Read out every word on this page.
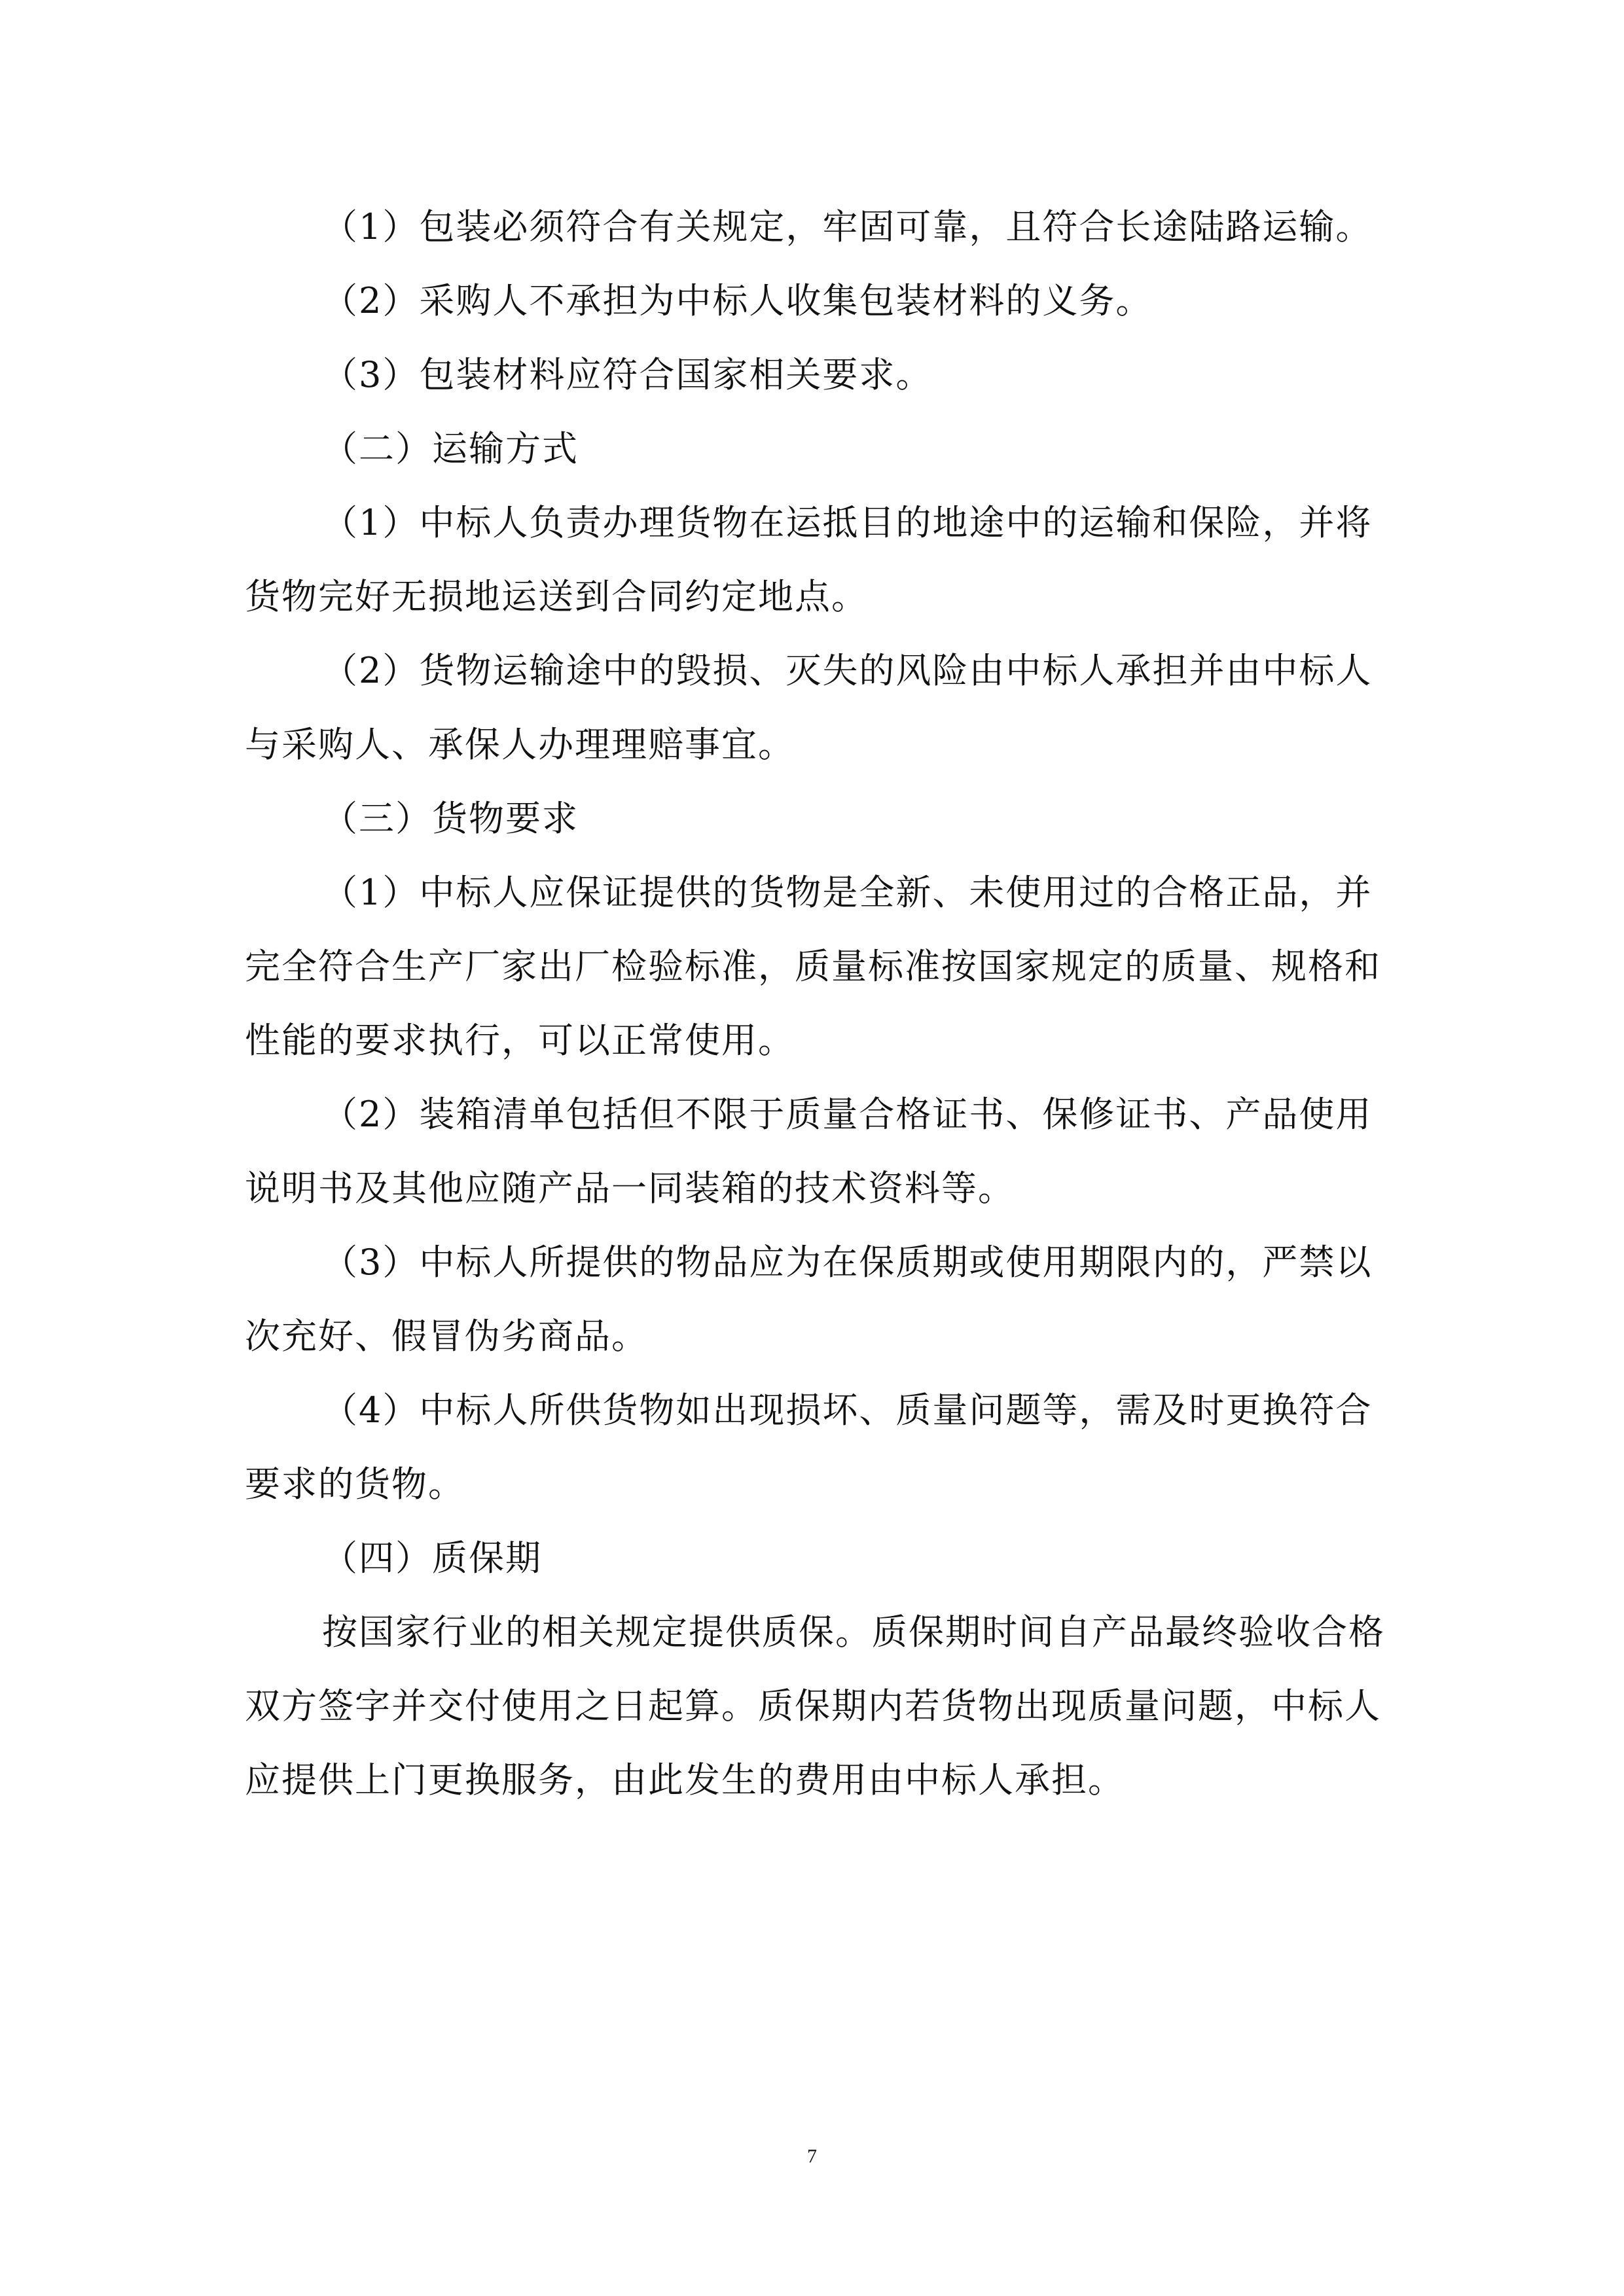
（1）包装必须符合有关规定，牢固可靠，且符合长途陆路运输。

（2）采购人不承担为中标人收集包装材料的义务。

（3）包装材料应符合国家相关要求。

（二）运输方式

（1）中标人负责办理货物在运抵目的地途中的运输和保险，并将货物完好无损地运送到合同约定地点。

（2）货物运输途中的毁损、灭失的风险由中标人承担并由中标人与采购人、承保人办理理赔事宜。

（三）货物要求

（1）中标人应保证提供的货物是全新、未使用过的合格正品，并完全符合生产厂家出厂检验标准，质量标准按国家规定的质量、规格和性能的要求执行，可以正常使用。

（2）装箱清单包括但不限于质量合格证书、保修证书、产品使用说明书及其他应随产品一同装箱的技术资料等。

（3）中标人所提供的物品应为在保质期或使用期限内的，严禁以次充好、假冒伪劣商品。

（4）中标人所供货物如出现损坏、质量问题等，需及时更换符合要求的货物。

（四）质保期

按国家行业的相关规定提供质保。质保期时间自产品最终验收合格双方签字并交付使用之日起算。质保期内若货物出现质量问题，中标人应提供上门更换服务，由此发生的费用由中标人承担。

7
